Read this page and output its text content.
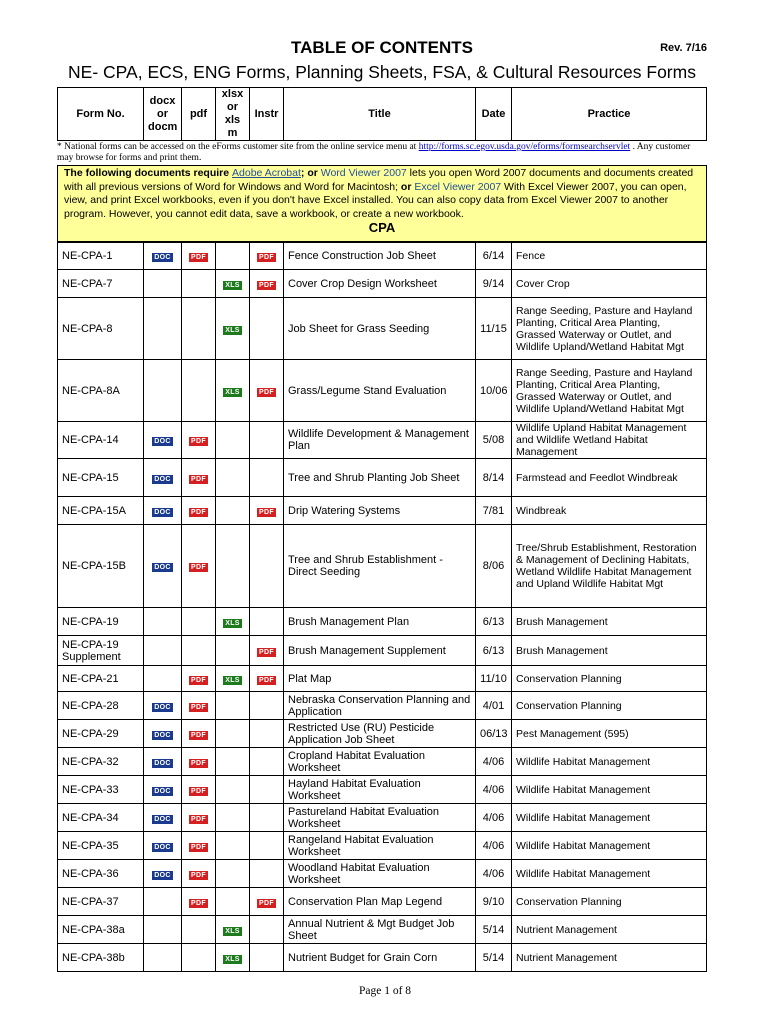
TABLE OF CONTENTS	Rev. 7/16
NE- CPA, ECS, ENG Forms, Planning Sheets, FSA, & Cultural Resources Forms
Form No.	docx or docm	pdf	xlsx or xls m	Instr	Title	Date	Practice
* National forms can be accessed on the eForms customer site from the online service menu at http://forms.sc.egov.usda.gov/eforms/formsearchservlet . Any customer may browse for forms and print them.
The following documents require Adobe Acrobat; or Word Viewer 2007 lets you open Word 2007 documents and documents created with all previous versions of Word for Windows and Word for Macintosh; or Excel Viewer 2007 With Excel Viewer 2007, you can open, view, and print Excel workbooks, even if you don't have Excel installed. You can also copy data from Excel Viewer 2007 to another program. However, you cannot edit data, save a workbook, or create a new workbook.
CPA
NE-CPA-1	DOC	PDF		PDF	Fence Construction Job Sheet	6/14	Fence
NE-CPA-7			XLS	PDF	Cover Crop Design Worksheet	9/14	Cover Crop
NE-CPA-8			XLS		Job Sheet for Grass Seeding	11/15	Range Seeding, Pasture and Hayland Planting, Critical Area Planting, Grassed Waterway or Outlet, and Wildlife Upland/Wetland Habitat Mgt
NE-CPA-8A			XLS	PDF	Grass/Legume Stand Evaluation	10/06	Range Seeding, Pasture and Hayland Planting, Critical Area Planting, Grassed Waterway or Outlet, and Wildlife Upland/Wetland Habitat Mgt
NE-CPA-14	DOC	PDF			Wildlife Development & Management Plan	5/08	Wildlife Upland Habitat Management and Wildlife Wetland Habitat Management
NE-CPA-15	DOC	PDF			Tree and Shrub Planting Job Sheet	8/14	Farmstead and Feedlot Windbreak
NE-CPA-15A	DOC	PDF		PDF	Drip Watering Systems	7/81	Windbreak
NE-CPA-15B	DOC	PDF			Tree and Shrub Establishment - Direct Seeding	8/06	Tree/Shrub Establishment, Restoration & Management of Declining Habitats, Wetland Wildlife Habitat Management and Upland Wildlife Habitat Mgt
NE-CPA-19			XLS		Brush Management Plan	6/13	Brush Management
NE-CPA-19 Supplement				PDF	Brush Management Supplement	6/13	Brush Management
NE-CPA-21		PDF	XLS	PDF	Plat Map	11/10	Conservation Planning
NE-CPA-28	DOC	PDF			Nebraska Conservation Planning and Application	4/01	Conservation Planning
NE-CPA-29	DOC	PDF			Restricted Use (RU) Pesticide Application Job Sheet	06/13	Pest Management (595)
NE-CPA-32	DOC	PDF			Cropland Habitat Evaluation Worksheet	4/06	Wildlife Habitat Management
NE-CPA-33	DOC	PDF			Hayland Habitat Evaluation Worksheet	4/06	Wildlife Habitat Management
NE-CPA-34	DOC	PDF			Pastureland Habitat Evaluation Worksheet	4/06	Wildlife Habitat Management
NE-CPA-35	DOC	PDF			Rangeland Habitat Evaluation Worksheet	4/06	Wildlife Habitat Management
NE-CPA-36	DOC	PDF			Woodland Habitat Evaluation Worksheet	4/06	Wildlife Habitat Management
NE-CPA-37		PDF		PDF	Conservation Plan Map Legend	9/10	Conservation Planning
NE-CPA-38a			XLS		Annual Nutrient & Mgt Budget Job Sheet	5/14	Nutrient Management
NE-CPA-38b			XLS		Nutrient Budget for Grain Corn	5/14	Nutrient Management
Page 1 of 8
